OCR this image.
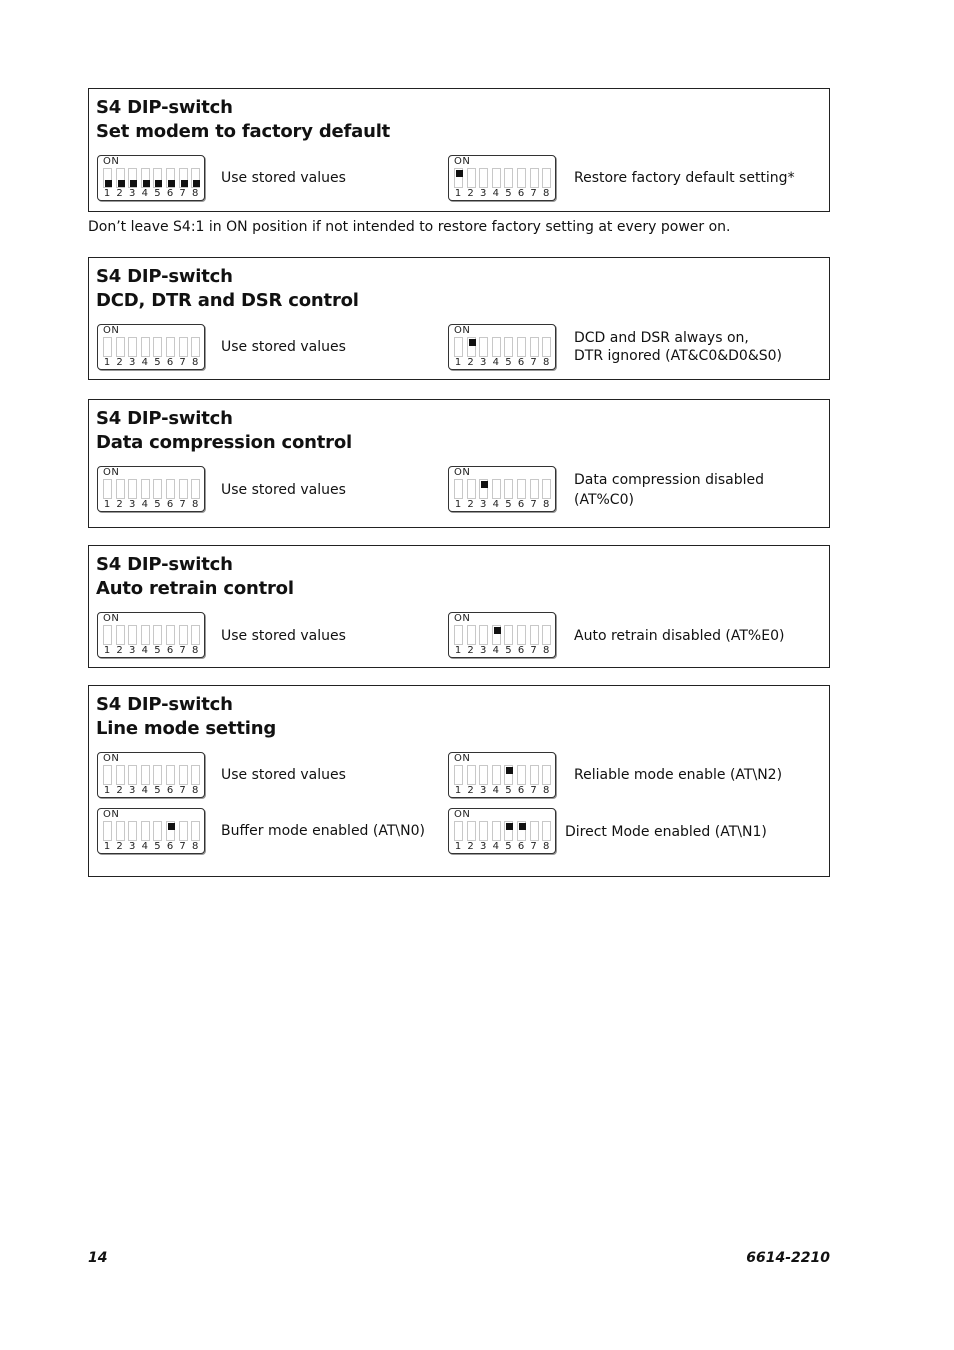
S4 DIP-switch
Set modem to factory default
ON
1 2 3 4 5 6 7 8
Use stored values
ON
1 2 3 4 5 6 7 8
Restore factory default setting*
Don’t leave S4:1 in ON position if not intended to restore factory setting at every power on.
S4 DIP-switch
DCD, DTR and DSR control
ON
1 2 3 4 5 6 7 8
Use stored values
ON
1 2 3 4 5 6 7 8
DCD and DSR always on,
DTR ignored (AT&C0&D0&S0)
S4 DIP-switch
Data compression control
ON
1 2 3 4 5 6 7 8
Use stored values
ON
1 2 3 4 5 6 7 8
Data compression disabled
(AT%C0)
S4 DIP-switch
Auto retrain control
ON
1 2 3 4 5 6 7 8
Use stored values
ON
1 2 3 4 5 6 7 8
Auto retrain disabled (AT%E0)
S4 DIP-switch
Line mode setting
ON
1 2 3 4 5 6 7 8
Use stored values
ON
1 2 3 4 5 6 7 8
Reliable mode enable (AT\N2)
ON
1 2 3 4 5 6 7 8
Buffer mode enabled (AT\N0)
ON
1 2 3 4 5 6 7 8
Direct Mode enabled (AT\N1)
14	6614-2210
